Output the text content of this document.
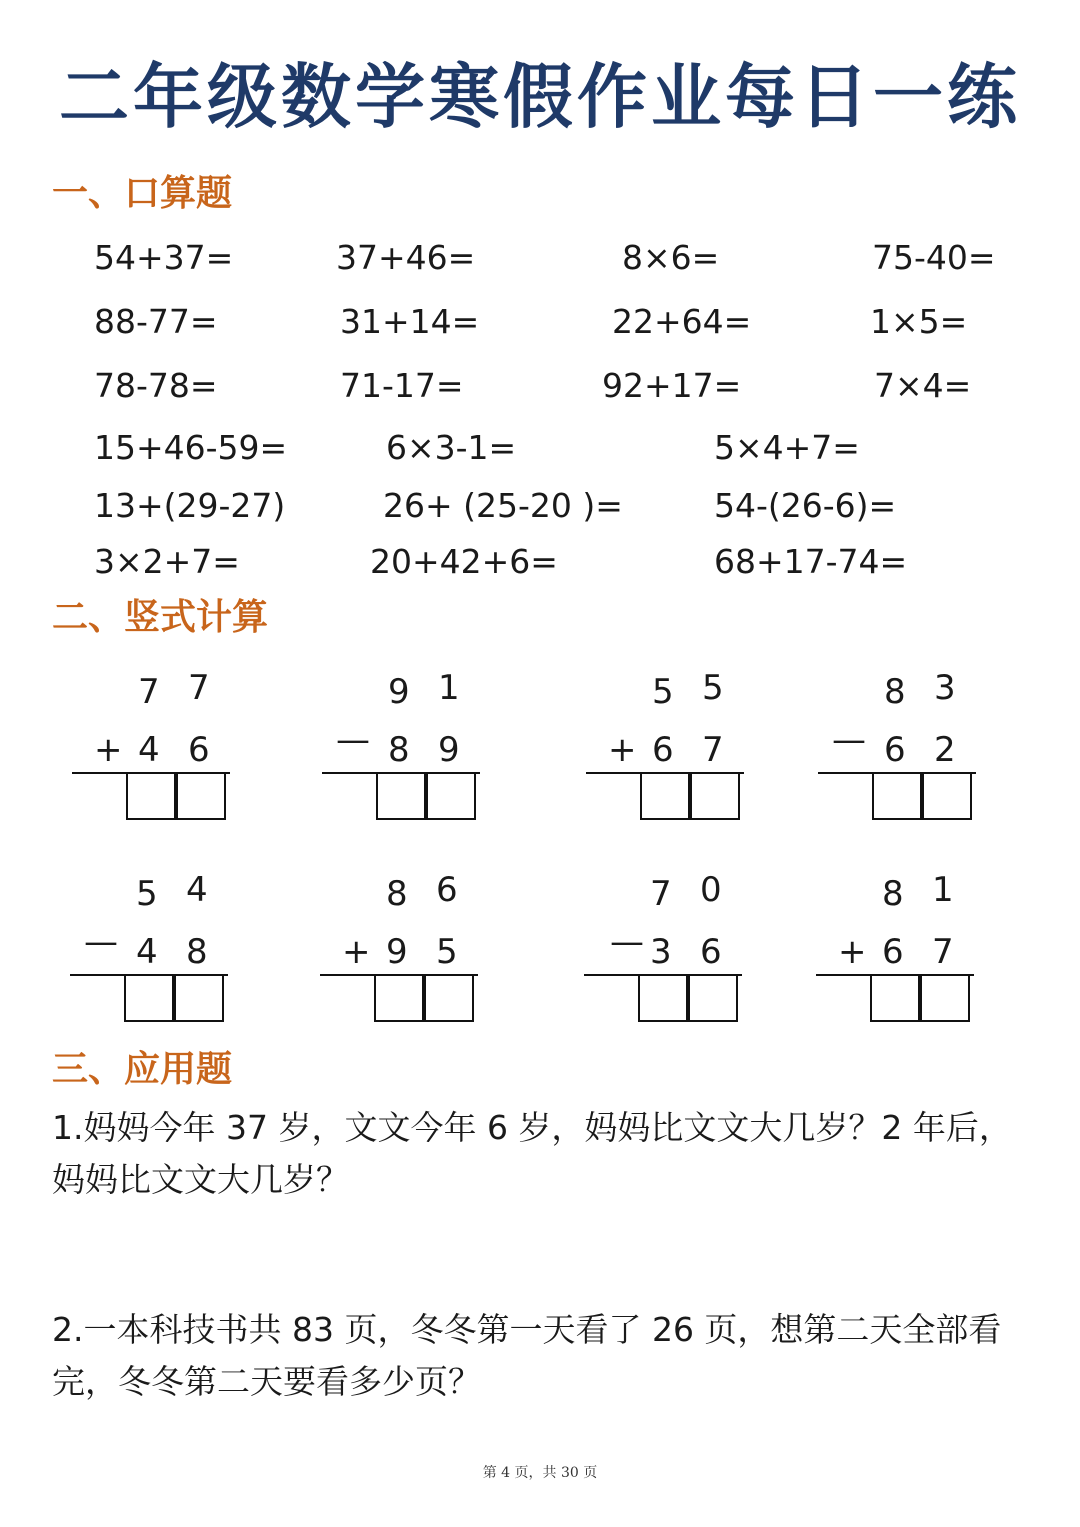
二年级数学寒假作业每日一练
一、口算题
54+37=	37+46=	8×6=	75-40=
88-77=	31+14=	22+64=	1×5=
78-78=	71-17=	92+17=	7×4=
15+46-59=	6×3-1=	5×4+7=
13+(29-27)	26+ (25-20 )=	54-(26-6)=
3×2+7=	20+42+6=	68+17-74=
二、竖式计算
7 7
+ 4 6
9 1
— 8 9
5 5
+ 6 7
8 3
— 6 2
5 4
— 4 8
8 6
+ 9 5
7 0
— 3 6
8 1
+ 6 7
三、应用题
1.妈妈今年 37 岁，文文今年 6 岁，妈妈比文文大几岁？2 年后，妈妈比文文大几岁？
2.一本科技书共 83 页，冬冬第一天看了 26 页，想第二天全部看完，冬冬第二天要看多少页？
第 4 页，共 30 页
